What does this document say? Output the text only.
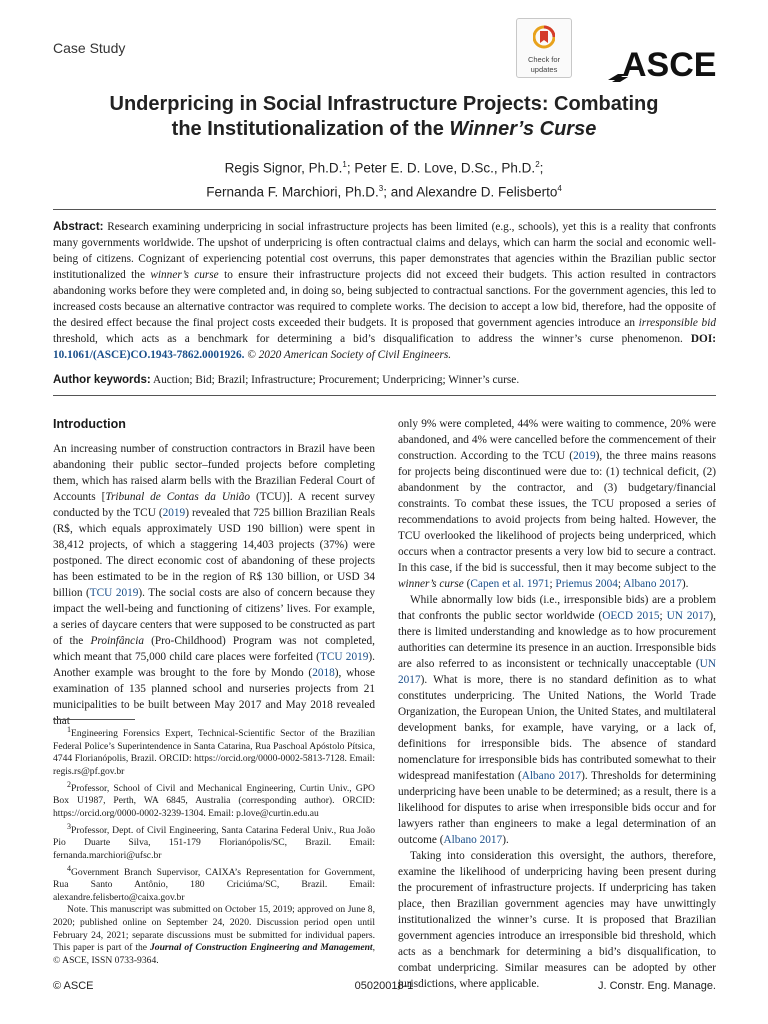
Case Study
Check for
updates	ASCE
Underpricing in Social Infrastructure Projects: Combating
the Institutionalization of the Winner’s Curse
Regis Signor, Ph.D.$^1$; Peter E. D. Love, D.Sc., Ph.D.$^2$;
Fernanda F. Marchiori, Ph.D.$^3$; and Alexandre D. Felisberto$^4$
Abstract: Research examining underpricing in social infrastructure projects has been limited (e.g., schools), yet this is a reality that confronts many governments worldwide. The upshot of underpricing is often contractual claims and delays, which can harm the social and economic well-being of citizens. Cognizant of experiencing potential cost overruns, this paper demonstrates that agencies within the Brazilian public sector institutionalized the winner’s curse to ensure their infrastructure projects did not exceed their budgets. This action resulted in contractors abandoning works before they were completed and, in doing so, being subjected to contractual sanctions. For the government agencies, this led to increased costs because an alternative contractor was required to complete works. The decision to accept a low bid, therefore, had the opposite of the desired effect because the final project costs exceeded their budgets. It is proposed that government agencies introduce an irresponsible bid threshold, which acts as a benchmark for determining a bid’s disqualification to address the winner’s curse phenomenon. DOI: 10.1061/(ASCE)CO.1943-7862.0001926. © 2020 American Society of Civil Engineers.
Author keywords: Auction; Bid; Brazil; Infrastructure; Procurement; Underpricing; Winner’s curse.
Introduction

An increasing number of construction contractors in Brazil have been abandoning their public sector–funded projects before completing them, which has raised alarm bells with the Brazilian Federal Court of Accounts [Tribunal de Contas da União (TCU)]. A recent survey conducted by the TCU (2019) revealed that 725 billion Brazilian Reals (R$, which equals approximately USD 190 billion) were spent in 38,412 projects, of which a staggering 14,403 projects (37%) were postponed. The direct economic cost of abandoning of these projects has been estimated to be in the region of R$ 130 billion, or USD 34 billion (TCU 2019). The social costs are also of concern because they impact the well-being and functioning of citizens’ lives. For example, a series of daycare centers that were supposed to be constructed as part of the Proinfância (Pro-Childhood) Program was not completed, which meant that 75,000 child care places were forfeited (TCU 2019). Another example was brought to the fore by Mondo (2018), whose examination of 135 planned school and nurseries projects from 21 municipalities to be built between May 2017 and May 2018 revealed that

$^1$Engineering Forensics Expert, Technical-Scientific Sector of the Brazilian Federal Police’s Superintendence in Santa Catarina, Rua Paschoal Apóstolo Pítsica, 4744 Florianópolis, Brazil. ORCID: https://orcid.org/0000-0002-5813-7128. Email: regis.rs@pf.gov.br

$^2$Professor, School of Civil and Mechanical Engineering, Curtin Univ., GPO Box U1987, Perth, WA 6845, Australia (corresponding author). ORCID: https://orcid.org/0000-0002-3239-1304. Email: p.love@curtin.edu.au

$^3$Professor, Dept. of Civil Engineering, Santa Catarina Federal Univ., Rua João Pio Duarte Silva, 151-179 Florianópolis/SC, Brazil. Email: fernanda.marchiori@ufsc.br

$^4$Government Branch Supervisor, CAIXA’s Representation for Government, Rua Santo Antônio, 180 Criciúma/SC, Brazil. Email: alexandre.felisberto@caixa.gov.br

Note. This manuscript was submitted on October 15, 2019; approved on June 8, 2020; published online on September 24, 2020. Discussion period open until February 24, 2021; separate discussions must be submitted for individual papers. This paper is part of the Journal of Construction Engineering and Management, © ASCE, ISSN 0733-9364.

only 9% were completed, 44% were waiting to commence, 20% were abandoned, and 4% were cancelled before the commencement of their construction. According to the TCU (2019), the three mains reasons for projects being discontinued were due to: (1) technical deficit, (2) abandonment by the contractor, and (3) budgetary/financial constraints. To combat these issues, the TCU proposed a series of recommendations to avoid projects from being halted. However, the TCU overlooked the likelihood of projects being underpriced, which occurs when a contractor presents a very low bid to secure a contract. In this case, if the bid is successful, then it may become subject to the winner’s curse (Capen et al. 1971; Priemus 2004; Albano 2017).

While abnormally low bids (i.e., irresponsible bids) are a problem that confronts the public sector worldwide (OECD 2015; UN 2017), there is limited understanding and knowledge as to how procurement authorities can determine its presence in an auction. Irresponsible bids are also referred to as inconsistent or technically unacceptable (UN 2017). What is more, there is no standard definition as to what constitutes underpricing. The United Nations, the World Trade Organization, the European Union, the United States, and multilateral development banks, for example, have varying, or a lack of, definitions for irresponsible bids. The absence of standard nomenclature for irresponsible bids has contributed somewhat to their widespread manifestation (Albano 2017). Thresholds for determining underpricing have been unable to be determined; as a result, there is a likelihood for disputes to arise when irresponsible bids occur and for lawyers rather than engineers to make a legal determination of an outcome (Albano 2017).

Taking into consideration this oversight, the authors, therefore, examine the likelihood of underpricing having been present during the procurement of infrastructure projects. If underpricing has taken place, then Brazilian government agencies may have unwittingly institutionalized the winner’s curse. It is proposed that Brazilian government agencies introduce an irresponsible bid threshold, which acts as a benchmark for determining a bid’s disqualification, to combat underpricing. Similar measures can be adopted by other jurisdictions, where applicable.

© ASCE	05020018-1	J. Constr. Eng. Manage.
